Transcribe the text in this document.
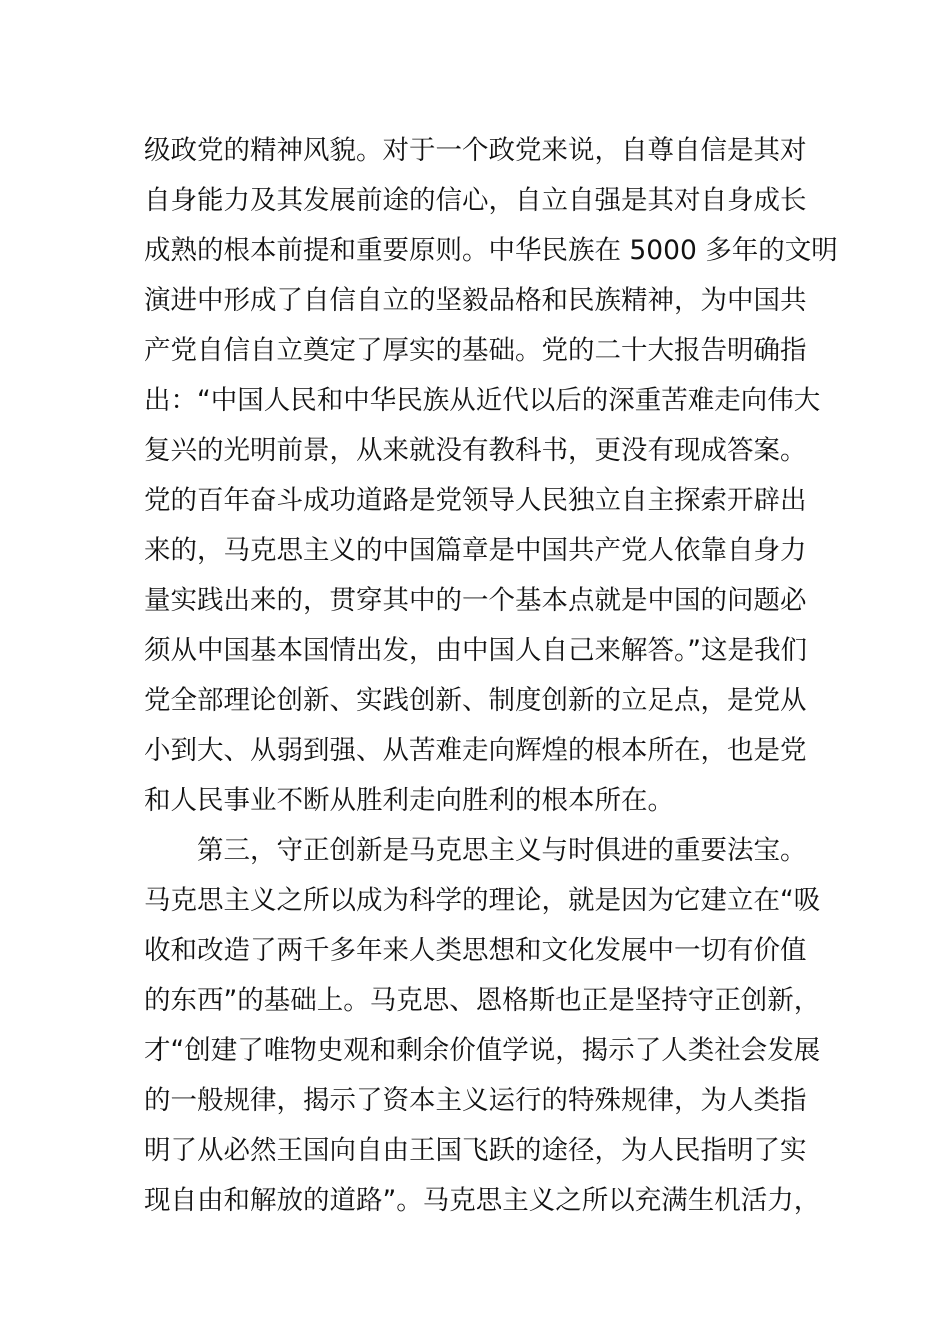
级政党的精神风貌。对于一个政党来说，自尊自信是其对
自身能力及其发展前途的信心，自立自强是其对自身成长
成熟的根本前提和重要原则。中华民族在 5000 多年的文明
演进中形成了自信自立的坚毅品格和民族精神，为中国共
产党自信自立奠定了厚实的基础。党的二十大报告明确指
出：“中国人民和中华民族从近代以后的深重苦难走向伟大
复兴的光明前景，从来就没有教科书，更没有现成答案。
党的百年奋斗成功道路是党领导人民独立自主探索开辟出
来的，马克思主义的中国篇章是中国共产党人依靠自身力
量实践出来的，贯穿其中的一个基本点就是中国的问题必
须从中国基本国情出发，由中国人自己来解答。”这是我们
党全部理论创新、实践创新、制度创新的立足点，是党从
小到大、从弱到强、从苦难走向辉煌的根本所在，也是党
和人民事业不断从胜利走向胜利的根本所在。
第三，守正创新是马克思主义与时俱进的重要法宝。
马克思主义之所以成为科学的理论，就是因为它建立在“吸
收和改造了两千多年来人类思想和文化发展中一切有价值
的东西”的基础上。马克思、恩格斯也正是坚持守正创新，
才“创建了唯物史观和剩余价值学说，揭示了人类社会发展
的一般规律，揭示了资本主义运行的特殊规律，为人类指
明了从必然王国向自由王国飞跃的途径，为人民指明了实
现自由和解放的道路”。马克思主义之所以充满生机活力，
